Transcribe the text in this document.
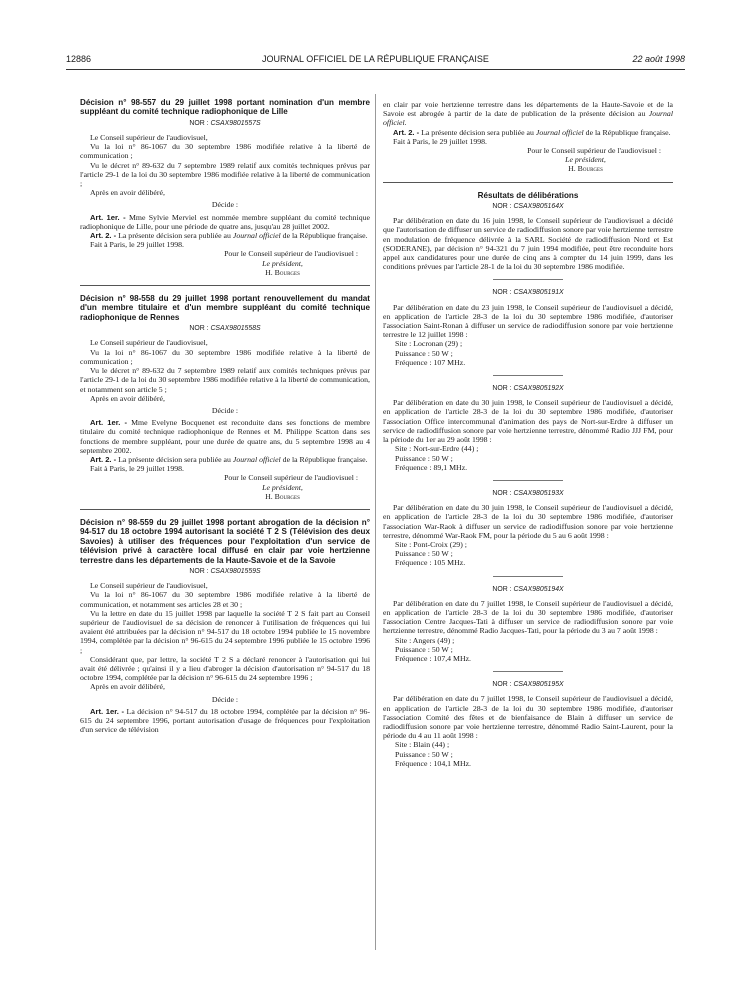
12886	JOURNAL OFFICIEL DE LA RÉPUBLIQUE FRANÇAISE	22 août 1998
Décision n° 98-557 du 29 juillet 1998 portant nomination d'un membre suppléant du comité technique radiophonique de Lille
NOR : CSAX9801557S

Le Conseil supérieur de l'audiovisuel,

Vu la loi n° 86-1067 du 30 septembre 1986 modifiée relative à la liberté de communication ;

Vu le décret n° 89-632 du 7 septembre 1989 relatif aux comités techniques prévus par l'article 29-1 de la loi du 30 septembre 1986 modifiée relative à la liberté de communication ;

Après en avoir délibéré,

Décide :

Art. 1er. - Mme Sylvie Merviel est nommée membre suppléant du comité technique radiophonique de Lille, pour une période de quatre ans, jusqu'au 28 juillet 2002.

Art. 2. - La présente décision sera publiée au Journal officiel de la République française.

Fait à Paris, le 29 juillet 1998.

Pour le Conseil supérieur de l'audiovisuel :

Le président,

H. Bourges

Décision n° 98-558 du 29 juillet 1998 portant renouvellement du mandat d'un membre titulaire et d'un membre suppléant du comité technique radiophonique de Rennes
NOR : CSAX9801558S

Le Conseil supérieur de l'audiovisuel,

Vu la loi n° 86-1067 du 30 septembre 1986 modifiée relative à la liberté de communication ;

Vu le décret n° 89-632 du 7 septembre 1989 relatif aux comités techniques prévus par l'article 29-1 de la loi du 30 septembre 1986 modifiée relative à la liberté de communication, et notamment son article 5 ;

Après en avoir délibéré,

Décide :

Art. 1er. - Mme Evelyne Bocquenet est reconduite dans ses fonctions de membre titulaire du comité technique radiophonique de Rennes et M. Philippe Scatton dans ses fonctions de membre suppléant, pour une durée de quatre ans, du 5 septembre 1998 au 4 septembre 2002.

Art. 2. - La présente décision sera publiée au Journal officiel de la République française.

Fait à Paris, le 29 juillet 1998.

Pour le Conseil supérieur de l'audiovisuel :

Le président,

H. Bourges

Décision n° 98-559 du 29 juillet 1998 portant abrogation de la décision n° 94-517 du 18 octobre 1994 autorisant la société T 2 S (Télévision des deux Savoies) à utiliser des fréquences pour l'exploitation d'un service de télévision privé à caractère local diffusé en clair par voie hertzienne terrestre dans les départements de la Haute-Savoie et de la Savoie
NOR : CSAX9801559S

Le Conseil supérieur de l'audiovisuel,

Vu la loi n° 86-1067 du 30 septembre 1986 modifiée relative à la liberté de communication, et notamment ses articles 28 et 30 ;

Vu la lettre en date du 15 juillet 1998 par laquelle la société T 2 S fait part au Conseil supérieur de l'audiovisuel de sa décision de renoncer à l'utilisation de fréquences qui lui avaient été attribuées par la décision n° 94-517 du 18 octobre 1994 publiée le 15 novembre 1994, complétée par la décision n° 96-615 du 24 septembre 1996 publiée le 15 octobre 1996 ;

Considérant que, par lettre, la société T 2 S a déclaré renoncer à l'autorisation qui lui avait été délivrée ; qu'ainsi il y a lieu d'abroger la décision d'autorisation n° 94-517 du 18 octobre 1994, complétée par la décision n° 96-615 du 24 septembre 1996 ;

Après en avoir délibéré,

Décide :

Art. 1er. - La décision n° 94-517 du 18 octobre 1994, complétée par la décision n° 96-615 du 24 septembre 1996, portant autorisation d'usage de fréquences pour l'exploitation d'un service de télévision

en clair par voie hertzienne terrestre dans les départements de la Haute-Savoie et de la Savoie est abrogée à partir de la date de publication de la présente décision au Journal officiel.

Art. 2. - La présente décision sera publiée au Journal officiel de la République française.

Fait à Paris, le 29 juillet 1998.

Pour le Conseil supérieur de l'audiovisuel :

Le président,

H. Bourges

Résultats de délibérations
NOR : CSAX9805164X

Par délibération en date du 16 juin 1998, le Conseil supérieur de l'audiovisuel a décidé que l'autorisation de diffuser un service de radiodiffusion sonore par voie hertzienne terrestre en modulation de fréquence délivrée à la SARL Société de radiodiffusion Nord et Est (SODERANE), par décision n° 94-321 du 7 juin 1994 modifiée, peut être reconduite hors appel aux candidatures pour une durée de cinq ans à compter du 14 juin 1999, dans les conditions prévues par l'article 28-1 de la loi du 30 septembre 1986 modifiée.

NOR : CSAX9805191X

Par délibération en date du 23 juin 1998, le Conseil supérieur de l'audiovisuel a décidé, en application de l'article 28-3 de la loi du 30 septembre 1986 modifiée, d'autoriser l'association Saint-Ronan à diffuser un service de radiodiffusion sonore par voie hertzienne terrestre le 12 juillet 1998 :

Site : Locronan (29) ;

Puissance : 50 W ;

Fréquence : 107 MHz.

NOR : CSAX9805192X

Par délibération en date du 30 juin 1998, le Conseil supérieur de l'audiovisuel a décidé, en application de l'article 28-3 de la loi du 30 septembre 1986 modifiée, d'autoriser l'association Office intercommunal d'animation des pays de Nort-sur-Erdre à diffuser un service de radiodiffusion sonore par voie hertzienne terrestre, dénommé Radio JJJ FM, pour la période du 1er au 29 août 1998 :

Site : Nort-sur-Erdre (44) ;

Puissance : 50 W ;

Fréquence : 89,1 MHz.

NOR : CSAX9805193X

Par délibération en date du 30 juin 1998, le Conseil supérieur de l'audiovisuel a décidé, en application de l'article 28-3 de la loi du 30 septembre 1986 modifiée, d'autoriser l'association War-Raok à diffuser un service de radiodiffusion sonore par voie hertzienne terrestre, dénommé War-Raok FM, pour la période du 5 au 6 août 1998 :

Site : Pont-Croix (29) ;

Puissance : 50 W ;

Fréquence : 105 MHz.

NOR : CSAX9805194X

Par délibération en date du 7 juillet 1998, le Conseil supérieur de l'audiovisuel a décidé, en application de l'article 28-3 de la loi du 30 septembre 1986 modifiée, d'autoriser l'association Centre Jacques-Tati à diffuser un service de radiodiffusion sonore par voie hertzienne terrestre, dénommé Radio Jacques-Tati, pour la période du 3 au 7 août 1998 :

Site : Angers (49) ;

Puissance : 50 W ;

Fréquence : 107,4 MHz.

NOR : CSAX9805195X

Par délibération en date du 7 juillet 1998, le Conseil supérieur de l'audiovisuel a décidé, en application de l'article 28-3 de la loi du 30 septembre 1986 modifiée, d'autoriser l'association Comité des fêtes et de bienfaisance de Blain à diffuser un service de radiodiffusion sonore par voie hertzienne terrestre, dénommé Radio Saint-Laurent, pour la période du 4 au 11 août 1998 :

Site : Blain (44) ;

Puissance : 50 W ;

Fréquence : 104,1 MHz.
